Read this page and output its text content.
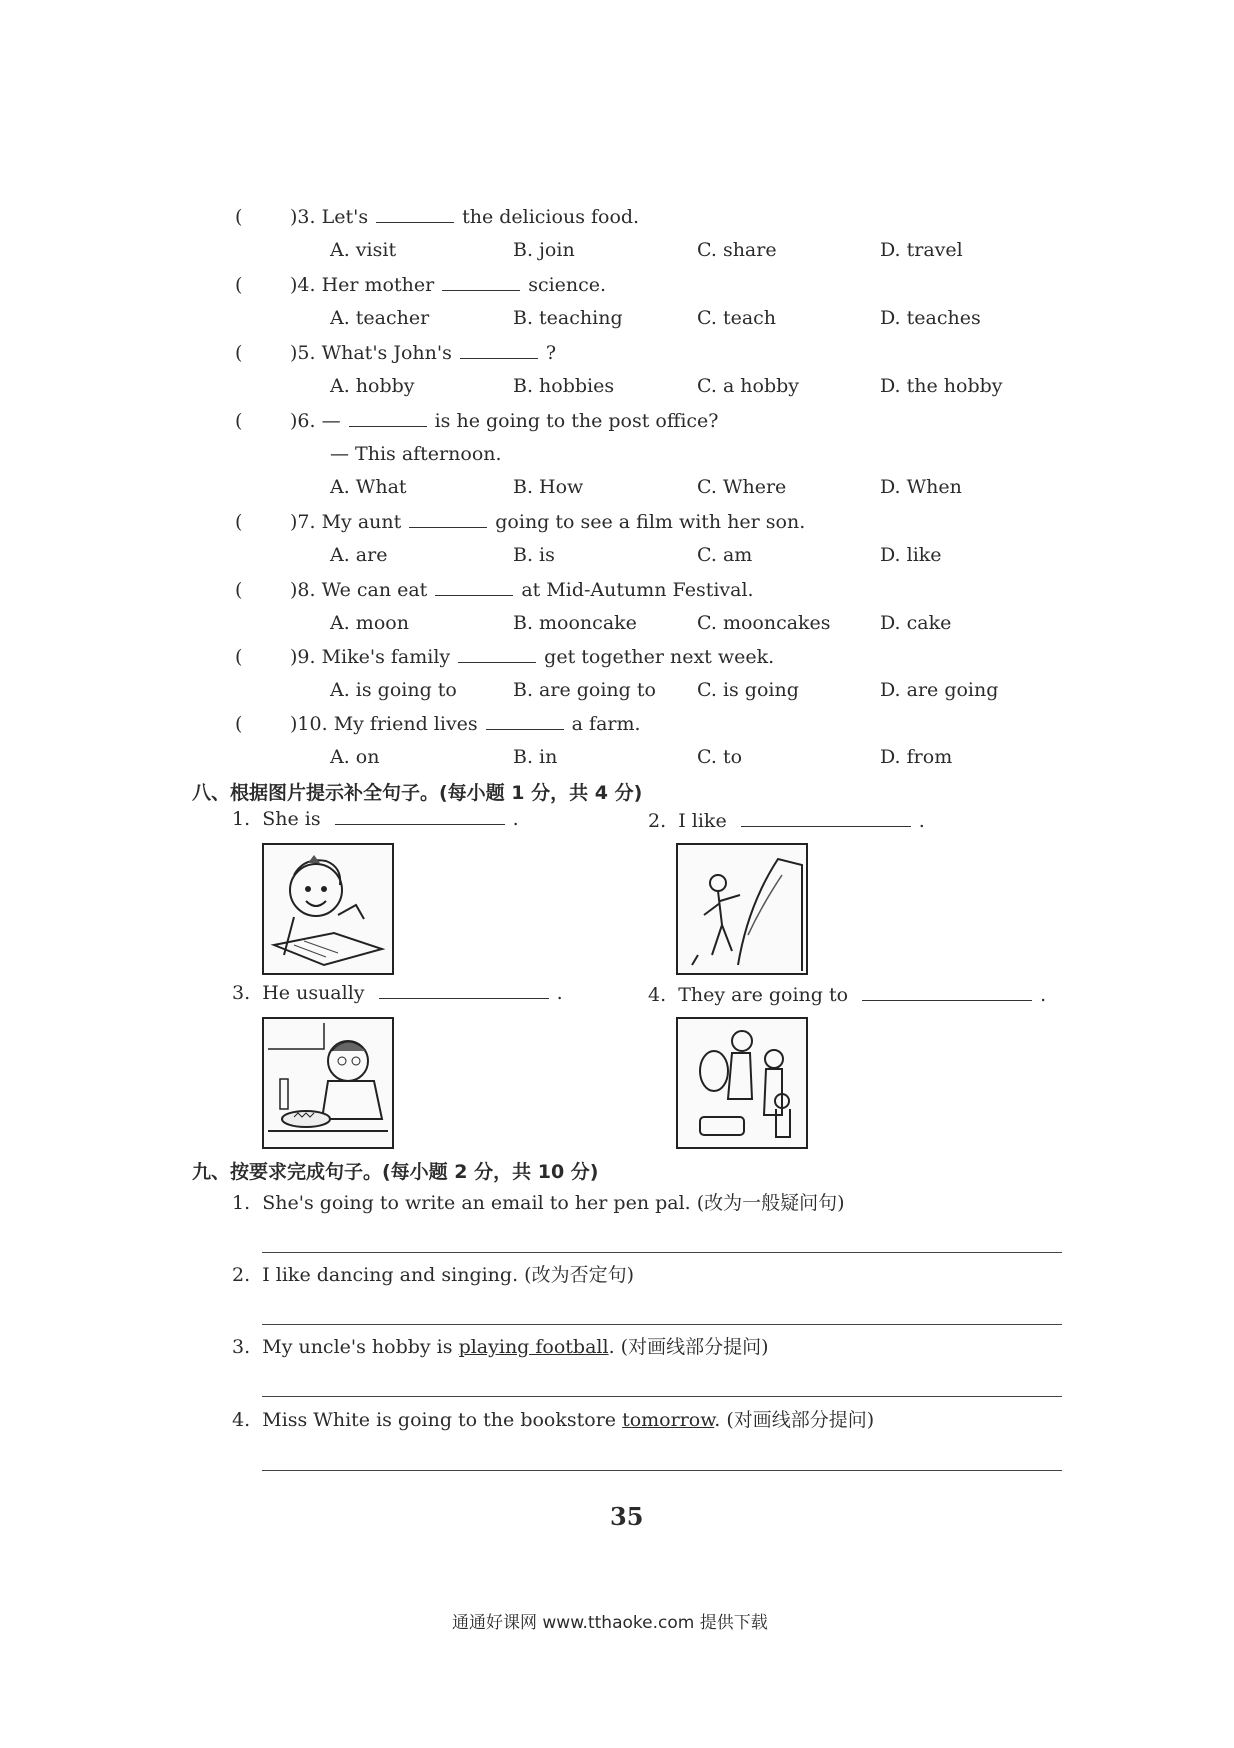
(	)3. Let's	the delicious food.
A. visit	B. join	C. share	D. travel
(	)4. Her mother	science.
A. teacher	B. teaching	C. teach	D. teaches
(	)5. What's John's	?
A. hobby	B. hobbies	C. a hobby	D. the hobby
(	)6. —	is he going to the post office?
— This afternoon.
A. What	B. How	C. Where	D. When
(	)7. My aunt	going to see a film with her son.
A. are	B. is	C. am	D. like
(	)8. We can eat	at Mid-Autumn Festival.
A. moon	B. mooncake	C. mooncakes	D. cake
(	)9. Mike's family	get together next week.
A. is going to	B. are going to C. is going	D. are going
(	)10. My friend lives	a farm.
A. on	B. in	C. to	D. from
八、根据图片提示补全句子。(每小题 1 分，共 4 分)
1. She is	.	2. I like	.
3. He usually	.	4. They are going to	.
九、按要求完成句子。(每小题 2 分，共 10 分)
1. She's going to write an email to her pen pal. (改为一般疑问句)
2. I like dancing and singing. (改为否定句)
3. My uncle's hobby is playing football. (对画线部分提问)
4. Miss White is going to the bookstore tomorrow. (对画线部分提问)
35
通通好课网 www.tthaoke.com 提供下载
